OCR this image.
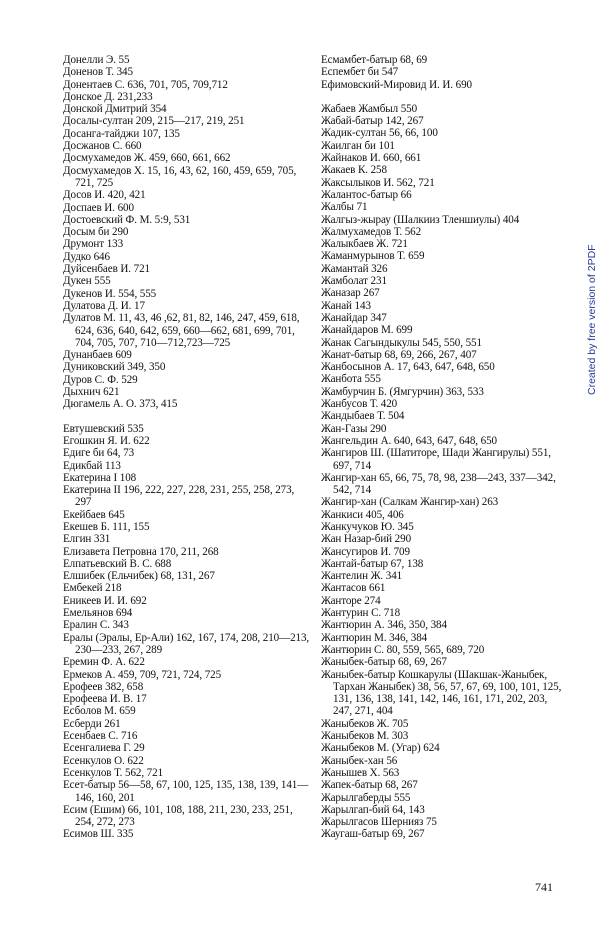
Донелли Э. 55
Доненов Т. 345
Донентаев С. 636, 701, 705, 709,712
Донское Д. 231,233
Донской Дмитрий 354
Досалы-султан 209, 215—217, 219, 251
Досанга-тайджи 107, 135
Досжанов С. 660
Досмухамедов Ж. 459, 660, 661, 662
Досмухамедов Х. 15, 16, 43, 62, 160, 459, 659, 705, 721, 725
Досов И. 420, 421
Доспаев И. 600
Достоевский Ф. М. 5:9, 531
Досым би 290
Друмонт 133
Дудко 646
Дуйсенбаев И. 721
Дукен 555
Дукенов И. 554, 555
Дулатова Д. И. 17
Дулатов М. 11, 43, 46 ,62, 81, 82, 146, 247, 459, 618, 624, 636, 640, 642, 659, 660—662, 681, 699, 701, 704, 705, 707, 710—712,723—725
Дунанбаев 609
Дуниковский 349, 350
Дуров С. Ф. 529
Дыхнич 621
Дюгамель А. О. 373, 415
Евтушевский 535
Егошкин Я. И. 622
Едиге би 64, 73
Едикбай 113
Екатерина I 108
Екатерина II 196, 222, 227, 228, 231, 255, 258, 273, 297
Екейбаев 645
Екешев Б. 111, 155
Елгин 331
Елизавета Петровна 170, 211, 268
Елпатьевский В. С. 688
Елшибек (Ельчибек) 68, 131, 267
Ембекей 218
Еникеев И. И. 692
Емельянов 694
Ералин С. 343
Ералы (Эралы, Ер-Али) 162, 167, 174, 208, 210—213, 230—233, 267, 289
Еремин Ф. А. 622
Ермеков А. 459, 709, 721, 724, 725
Ерофеев 382, 658
Ерофеева И. В. 17
Есболов М. 659
Есберди 261
Есенбаев С. 716
Есенгалиева Г. 29
Есенкулов О. 622
Есенкулов Т. 562, 721
Есет-батыр 56—58, 67, 100, 125, 135, 138, 139, 141—146, 160, 201
Есим (Ешим) 66, 101, 108, 188, 211, 230, 233, 251, 254, 272, 273
Есимов Ш. 335
Есмамбет-батыр 68, 69
Еспембет би 547
Ефимовский-Мировид И. И. 690
Жабаев Жамбыл 550
Жабай-батыр 142, 267
Жадик-султан 56, 66, 100
Жаилган би 101
Жайнаков И. 660, 661
Жакаев К. 258
Жаксылыков И. 562, 721
Жалантос-батыр 66
Жалбы 71
Жалгыз-жырау (Шалкииз Тленшиулы) 404
Жалмухамедов Т. 562
Жалыкбаев Ж. 721
Жаманмурынов Т. 659
Жамантай 326
Жамболат 231
Жаназар 267
Жанай 143
Жанайдар 347
Жанайдаров М. 699
Жанак Сагындыкулы 545, 550, 551
Жанат-батыр 68, 69, 266, 267, 407
Жанбосынов А. 17, 643, 647, 648, 650
Жанбота 555
Жамбурчин Б. (Ямгурчин) 363, 533
Жанбусов Т. 420
Жандыбаев Т. 504
Жан-Газы 290
Жангельдин А. 640, 643, 647, 648, 650
Жангиров Ш. (Шатиторе, Шади Жангирулы) 551, 697, 714
Жангир-хан 65, 66, 75, 78, 98, 238—243, 337—342, 542, 714
Жангир-хан (Салкам Жангир-хан) 263
Жанкиси 405, 406
Жанкучуков Ю. 345
Жан Назар-бий 290
Жансугиров И. 709
Жантай-батыр 67, 138
Жантелин Ж. 341
Жантасов 661
Жанторе 274
Жантурин С. 718
Жантюрин А. 346, 350, 384
Жантюрин М. 346, 384
Жантюрин С. 80, 559, 565, 689, 720
Жаныбек-батыр 68, 69, 267
Жаныбек-батыр Кошкарулы (Шакшак-Жаныбек, Тархан Жаныбек) 38, 56, 57, 67, 69, 100, 101, 125, 131, 136, 138, 141, 142, 146, 161, 171, 202, 203, 247, 271, 404
Жаныбеков Ж. 705
Жаныбеков М. 303
Жаныбеков М. (Угар) 624
Жаныбек-хан 56
Жанышев Х. 563
Жапек-батыр 68, 267
Жарылгаберды 555
Жарылгап-бий 64, 143
Жарылгасов Шернияз 75
Жаугаш-батыр 69, 267
741
Created by free version of 2PDF
